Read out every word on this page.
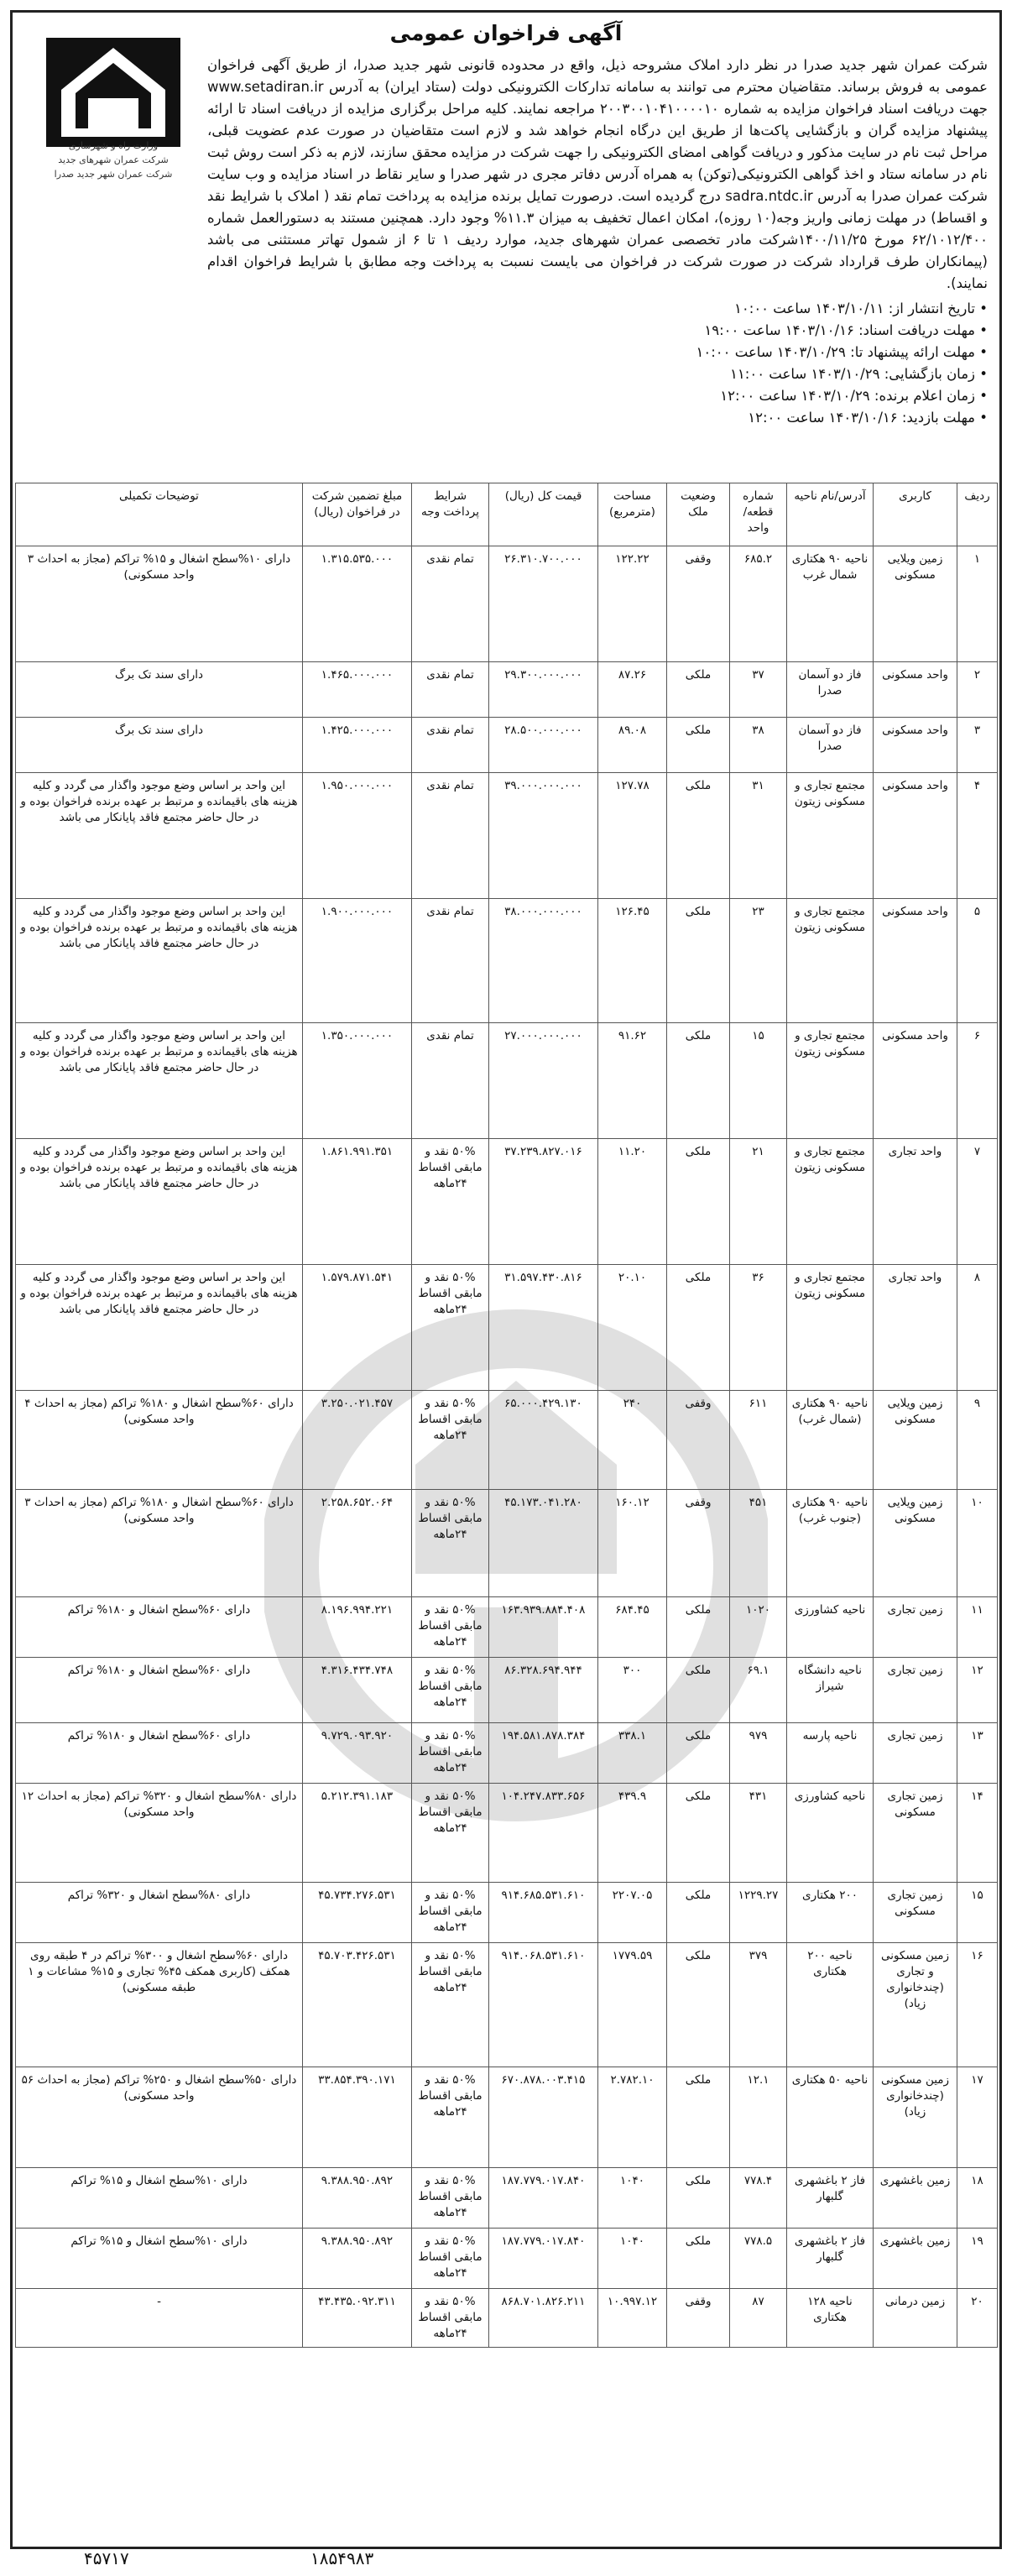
آگهی فراخوان عمومی
وزارت راه و شهرسازی
شرکت عمران شهرهای جدید
شرکت عمران شهر جدید صدرا
شرکت عمران شهر جدید صدرا در نظر دارد املاک مشروحه ذیل، واقع در محدوده قانونی شهر جدید صدرا، از طریق آگهی فراخوان عمومی به فروش برساند. متقاضیان محترم می توانند به سامانه تدارکات الکترونیکی دولت (ستاد ایران) به آدرس www.setadiran.ir جهت دریافت اسناد فراخوان مزایده به شماره ۲۰۰۳۰۰۱۰۴۱۰۰۰۰۱۰ مراجعه نمایند. کلیه مراحل برگزاری مزایده از دریافت اسناد تا ارائه پیشنهاد مزایده گران و بازگشایی پاکت‌ها از طریق این درگاه انجام خواهد شد و لازم است متقاضیان در صورت عدم عضویت قبلی، مراحل ثبت نام در سایت مذکور و دریافت گواهی امضای الکترونیکی را جهت شرکت در مزایده محقق سازند، لازم به ذکر است روش ثبت نام در سامانه ستاد و اخذ گواهی الکترونیکی(توکن) به همراه آدرس دفاتر مجری در شهر صدرا و سایر نقاط در اسناد مزایده و وب سایت شرکت عمران صدرا به آدرس sadra.ntdc.ir درج گردیده است. درصورت تمایل برنده مزایده به پرداخت تمام نقد ( املاک با شرایط نقد و اقساط) در مهلت زمانی واریز وجه(۱۰ روزه)، امکان اعمال تخفیف به میزان ۱۱.۳% وجود دارد. همچنین مستند به دستورالعمل شماره ۶۲/۱۰۱۲/۴۰۰ مورخ ۱۴۰۰/۱۱/۲۵شرکت مادر تخصصی عمران شهرهای جدید، موارد ردیف ۱ تا ۶ از شمول تهاتر مستثنی می باشد (پیمانکاران طرف قرارداد شرکت در صورت شرکت در فراخوان می بایست نسبت به پرداخت وجه مطابق با شرایط فراخوان اقدام نمایند).
• تاریخ انتشار از: ۱۴۰۳/۱۰/۱۱ ساعت ۱۰:۰۰
• مهلت دریافت اسناد: ۱۴۰۳/۱۰/۱۶ ساعت ۱۹:۰۰
• مهلت ارائه پیشنهاد تا: ۱۴۰۳/۱۰/۲۹ ساعت ۱۰:۰۰
• زمان بازگشایی: ۱۴۰۳/۱۰/۲۹ ساعت ۱۱:۰۰
• زمان اعلام برنده: ۱۴۰۳/۱۰/۲۹ ساعت ۱۲:۰۰
• مهلت بازدید: ۱۴۰۳/۱۰/۱۶ ساعت ۱۲:۰۰
ردیف	کاربری	آدرس/نام ناحیه	شماره قطعه/واحد	وضعیت ملک	مساحت (مترمربع)	قیمت کل (ریال)	شرایط پرداخت وجه	مبلغ تضمین شرکت در فراخوان (ریال)	توضیحات تکمیلی
۱	زمین ویلایی مسکونی	ناحیه ۹۰ هکتاری شمال غرب	۶۸۵.۲	وقفی	۱۲۲.۲۲	۲۶.۳۱۰.۷۰۰.۰۰۰	تمام نقدی	۱.۳۱۵.۵۳۵.۰۰۰	دارای ۱۰%سطح اشغال و ۱۵% تراکم (مجاز به احداث ۳ واحد مسکونی)
۲	واحد مسکونی	فاز دو آسمان صدرا	۳۷	ملکی	۸۷.۲۶	۲۹.۳۰۰.۰۰۰.۰۰۰	تمام نقدی	۱.۴۶۵.۰۰۰.۰۰۰	دارای سند تک برگ
۳	واحد مسکونی	فاز دو آسمان صدرا	۳۸	ملکی	۸۹.۰۸	۲۸.۵۰۰.۰۰۰.۰۰۰	تمام نقدی	۱.۴۲۵.۰۰۰.۰۰۰	دارای سند تک برگ
۴	واحد مسکونی	مجتمع تجاری و مسکونی زیتون	۳۱	ملکی	۱۲۷.۷۸	۳۹.۰۰۰.۰۰۰.۰۰۰	تمام نقدی	۱.۹۵۰.۰۰۰.۰۰۰	این واحد بر اساس وضع موجود واگذار می گردد و کلیه هزینه های باقیمانده و مرتبط بر عهده برنده فراخوان بوده و در حال حاضر مجتمع فاقد پایانکار می باشد
۵	واحد مسکونی	مجتمع تجاری و مسکونی زیتون	۲۳	ملکی	۱۲۶.۴۵	۳۸.۰۰۰.۰۰۰.۰۰۰	تمام نقدی	۱.۹۰۰.۰۰۰.۰۰۰	این واحد بر اساس وضع موجود واگذار می گردد و کلیه هزینه های باقیمانده و مرتبط بر عهده برنده فراخوان بوده و در حال حاضر مجتمع فاقد پایانکار می باشد
۶	واحد مسکونی	مجتمع تجاری و مسکونی زیتون	۱۵	ملکی	۹۱.۶۲	۲۷.۰۰۰.۰۰۰.۰۰۰	تمام نقدی	۱.۳۵۰.۰۰۰.۰۰۰	این واحد بر اساس وضع موجود واگذار می گردد و کلیه هزینه های باقیمانده و مرتبط بر عهده برنده فراخوان بوده و در حال حاضر مجتمع فاقد پایانکار می باشد
۷	واحد تجاری	مجتمع تجاری و مسکونی زیتون	۲۱	ملکی	۱۱.۲۰	۳۷.۲۳۹.۸۲۷.۰۱۶	۵۰% نقد و مابقی اقساط ۲۴ماهه	۱.۸۶۱.۹۹۱.۳۵۱	این واحد بر اساس وضع موجود واگذار می گردد و کلیه هزینه های باقیمانده و مرتبط بر عهده برنده فراخوان بوده و در حال حاضر مجتمع فاقد پایانکار می باشد
۸	واحد تجاری	مجتمع تجاری و مسکونی زیتون	۳۶	ملکی	۲۰.۱۰	۳۱.۵۹۷.۴۳۰.۸۱۶	۵۰% نقد و مابقی اقساط ۲۴ماهه	۱.۵۷۹.۸۷۱.۵۴۱	این واحد بر اساس وضع موجود واگذار می گردد و کلیه هزینه های باقیمانده و مرتبط بر عهده برنده فراخوان بوده و در حال حاضر مجتمع فاقد پایانکار می باشد
۹	زمین ویلایی مسکونی	ناحیه ۹۰ هکتاری (شمال غرب)	۶۱۱	وقفی	۲۴۰	۶۵.۰۰۰.۴۲۹.۱۳۰	۵۰% نقد و مابقی اقساط ۲۴ماهه	۳.۲۵۰.۰۲۱.۴۵۷	دارای ۶۰%سطح اشغال و ۱۸۰% تراکم (مجاز به احداث ۴ واحد مسکونی)
۱۰	زمین ویلایی مسکونی	ناحیه ۹۰ هکتاری (جنوب غرب)	۴۵۱	وقفی	۱۶۰.۱۲	۴۵.۱۷۳.۰۴۱.۲۸۰	۵۰% نقد و مابقی اقساط ۲۴ماهه	۲.۲۵۸.۶۵۲.۰۶۴	دارای ۶۰%سطح اشغال و ۱۸۰% تراکم (مجاز به احداث ۳ واحد مسکونی)
۱۱	زمین تجاری	ناحیه کشاورزی	۱۰۲۰	ملکی	۶۸۴.۴۵	۱۶۳.۹۳۹.۸۸۴.۴۰۸	۵۰% نقد و مابقی اقساط ۲۴ماهه	۸.۱۹۶.۹۹۴.۲۲۱	دارای ۶۰%سطح اشغال و ۱۸۰% تراکم
۱۲	زمین تجاری	ناحیه دانشگاه شیراز	۶۹.۱	ملکی	۳۰۰	۸۶.۳۲۸.۶۹۴.۹۴۴	۵۰% نقد و مابقی اقساط ۲۴ماهه	۴.۳۱۶.۴۳۴.۷۴۸	دارای ۶۰%سطح اشغال و ۱۸۰% تراکم
۱۳	زمین تجاری	ناحیه پارسه	۹۷۹	ملکی	۳۳۸.۱	۱۹۴.۵۸۱.۸۷۸.۳۸۴	۵۰% نقد و مابقی اقساط ۲۴ماهه	۹.۷۲۹.۰۹۳.۹۲۰	دارای ۶۰%سطح اشغال و ۱۸۰% تراکم
۱۴	زمین تجاری مسکونی	ناحیه کشاورزی	۴۳۱	ملکی	۴۳۹.۹	۱۰۴.۲۴۷.۸۳۳.۶۵۶	۵۰% نقد و مابقی اقساط ۲۴ماهه	۵.۲۱۲.۳۹۱.۱۸۳	دارای ۸۰%سطح اشغال و ۳۲۰% تراکم (مجاز به احداث ۱۲ واحد مسکونی)
۱۵	زمین تجاری مسکونی	۲۰۰ هکتاری	۱۲۲۹.۲۷	ملکی	۲۲۰۷.۰۵	۹۱۴.۶۸۵.۵۳۱.۶۱۰	۵۰% نقد و مابقی اقساط ۲۴ماهه	۴۵.۷۳۴.۲۷۶.۵۳۱	دارای ۸۰%سطح اشغال و ۳۲۰% تراکم
۱۶	زمین مسکونی و تجاری (چندخانواری زیاد)	ناحیه ۲۰۰ هکتاری	۳۷۹	ملکی	۱۷۷۹.۵۹	۹۱۴.۰۶۸.۵۳۱.۶۱۰	۵۰% نقد و مابقی اقساط ۲۴ماهه	۴۵.۷۰۳.۴۲۶.۵۳۱	دارای ۶۰%سطح اشغال و ۳۰۰% تراکم در ۴ طبقه روی همکف (کاربری همکف ۴۵% تجاری و ۱۵% مشاعات و ۱ طبقه مسکونی)
۱۷	زمین مسکونی (چندخانواری زیاد)	ناحیه ۵۰ هکتاری	۱۲.۱	ملکی	۲.۷۸۲.۱۰	۶۷۰.۸۷۸.۰۰۳.۴۱۵	۵۰% نقد و مابقی اقساط ۲۴ماهه	۳۳.۸۵۴.۳۹۰.۱۷۱	دارای ۵۰%سطح اشغال و ۲۵۰% تراکم (مجاز به احداث ۵۶ واحد مسکونی)
۱۸	زمین باغشهری	فاز ۲ باغشهری گلبهار	۷۷۸.۴	ملکی	۱۰۴۰	۱۸۷.۷۷۹.۰۱۷.۸۴۰	۵۰% نقد و مابقی اقساط ۲۴ماهه	۹.۳۸۸.۹۵۰.۸۹۲	دارای ۱۰%سطح اشغال و ۱۵% تراکم
۱۹	زمین باغشهری	فاز ۲ باغشهری گلبهار	۷۷۸.۵	ملکی	۱۰۴۰	۱۸۷.۷۷۹.۰۱۷.۸۴۰	۵۰% نقد و مابقی اقساط ۲۴ماهه	۹.۳۸۸.۹۵۰.۸۹۲	دارای ۱۰%سطح اشغال و ۱۵% تراکم
۲۰	زمین درمانی	ناحیه ۱۲۸ هکتاری	۸۷	وقفی	۱۰.۹۹۷.۱۲	۸۶۸.۷۰۱.۸۲۶.۲۱۱	۵۰% نقد و مابقی اقساط ۲۴ماهه	۴۳.۴۳۵.۰۹۲.۳۱۱	-
۴۵۷۱۷	۱۸۵۴۹۸۳
